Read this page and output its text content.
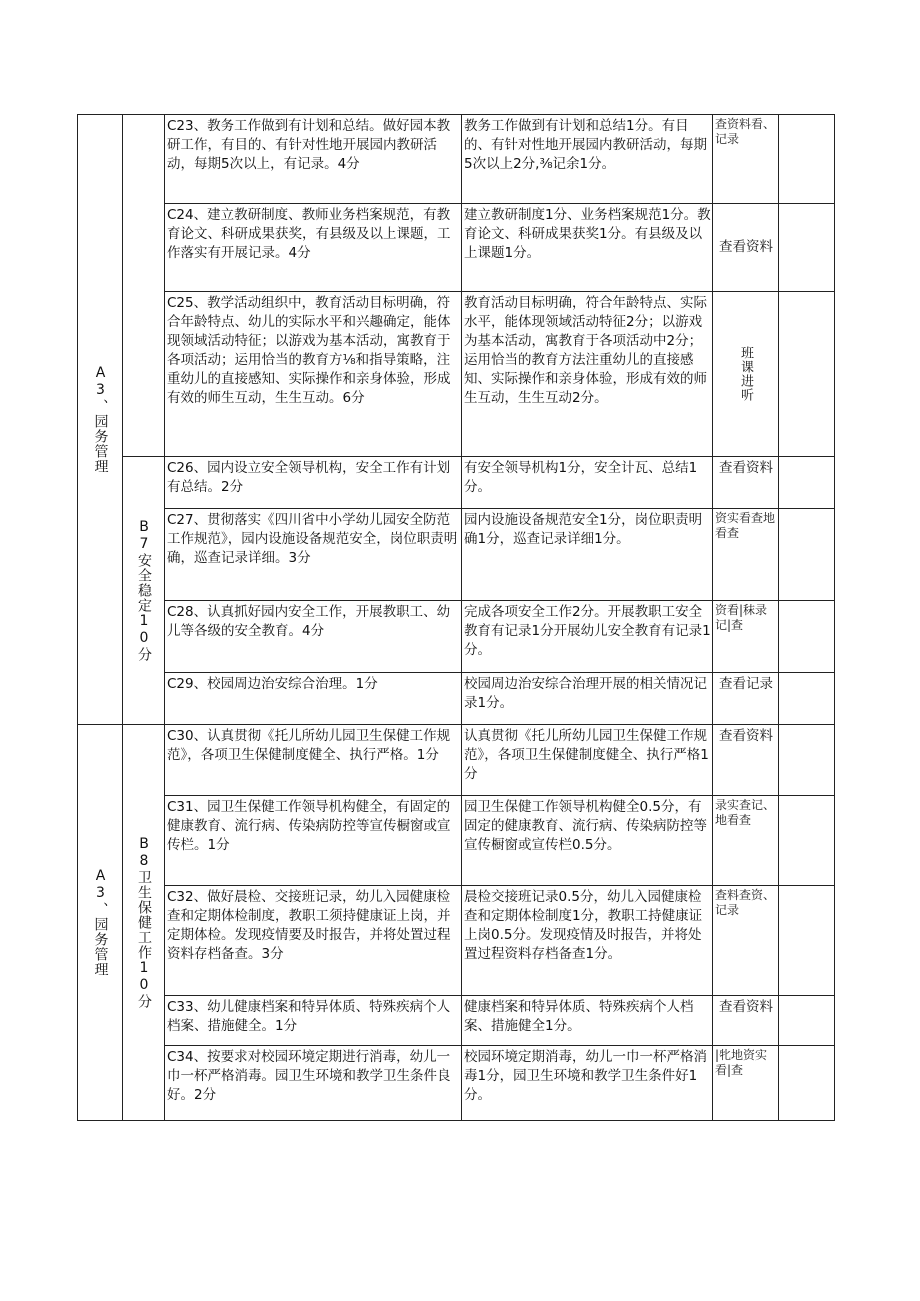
A3、园务管理		C23、教务工作做到有计划和总结。做好园本教研工作，有目的、有针对性地开展园内教研活动，每期5次以上，有记录。4分	教务工作做到有计划和总结1分。有目的、有针对性地开展园内教研活动，每期5次以上2分,⅜记余1分。	查资料看、记录	
		C24、建立教研制度、教师业务档案规范，有教育论文、科研成果获奖，有县级及以上课题，工作落实有开展记录。4分	建立教研制度1分、业务档案规范1分。教育论文、科研成果获奖1分。有县级及以上课题1分。	查看资料	
		C25、教学活动组织中，教育活动目标明确，符合年龄特点、幼儿的实际水平和兴趣确定，能体现领域活动特征；以游戏为基本活动，寓教育于各项活动；运用恰当的教育方⅛和指导策略，注重幼儿的直接感知、实际操作和亲身体验，形成有效的师生互动，生生互动。6分	教育活动目标明确，符合年龄特点、实际水平，能体现领域活动特征2分；以游戏为基本活动，寓教育于各项活动中2分；运用恰当的教育方法注重幼儿的直接感知、实际操作和亲身体验，形成有效的师生互动，生生互动2分。	班课进听	
	B7安全稳定10分	C26、园内设立安全领导机构，安全工作有计划有总结。2分	有安全领导机构1分，安全计瓦、总结1分。	查看资料	
		C27、贯彻落实《四川省中小学幼儿园安全防范工作规范》，园内设施设备规范安全，岗位职责明确，巡查记录详细。3分	园内设施设备规范安全1分，岗位职责明确1分，巡查记录详细1分。	资实看查地看查	
		C28、认真抓好园内安全工作，开展教职工、幼儿等各级的安全教育。4分	完成各项安全工作2分。开展教职工安全教育有记录1分开展幼儿安全教育有记录1分。	资看|秣录记|查	
		C29、校园周边治安综合治理。1分	校园周边治安综合治理开展的相关情况记录1分。	查看记录	
A3、园务管理	B8卫生保健工作10分	C30、认真贯彻《托儿所幼儿园卫生保健工作规范》，各项卫生保健制度健全、执行严格。1分	认真贯彻《托儿所幼儿园卫生保健工作规范》，各项卫生保健制度健全、执行严格1分	查看资料	
		C31、园卫生保健工作领导机构健全，有固定的健康教育、流行病、传染病防控等宣传橱窗或宣传栏。1分	园卫生保健工作领导机构健全0.5分，有固定的健康教育、流行病、传染病防控等宣传橱窗或宣传栏0.5分。	录实查记、地看查	
		C32、做好晨检、交接班记录，幼儿入园健康检查和定期体检制度，教职工须持健康证上岗，并定期体检。发现疫情要及时报告，并将处置过程资料存档备查。3分	晨检交接班记录0.5分，幼儿入园健康检查和定期体检制度1分，教职工持健康证上岗0.5分。发现疫情及时报告，并将处置过程资料存档备查1分。	查料查资、记录	
		C33、幼儿健康档案和特异体质、特殊疾病个人档案、措施健全。1分	健康档案和特异体质、特殊疾病个人档案、措施健全1分。	查看资料	
		C34、按要求对校园环境定期进行消毒，幼儿一巾一杯严格消毒。园卫生环境和教学卫生条件良好。2分	校园环境定期消毒，幼儿一巾一杯严格消毒1分，园卫生环境和教学卫生条件好1分。	|牝地资实看|查	
